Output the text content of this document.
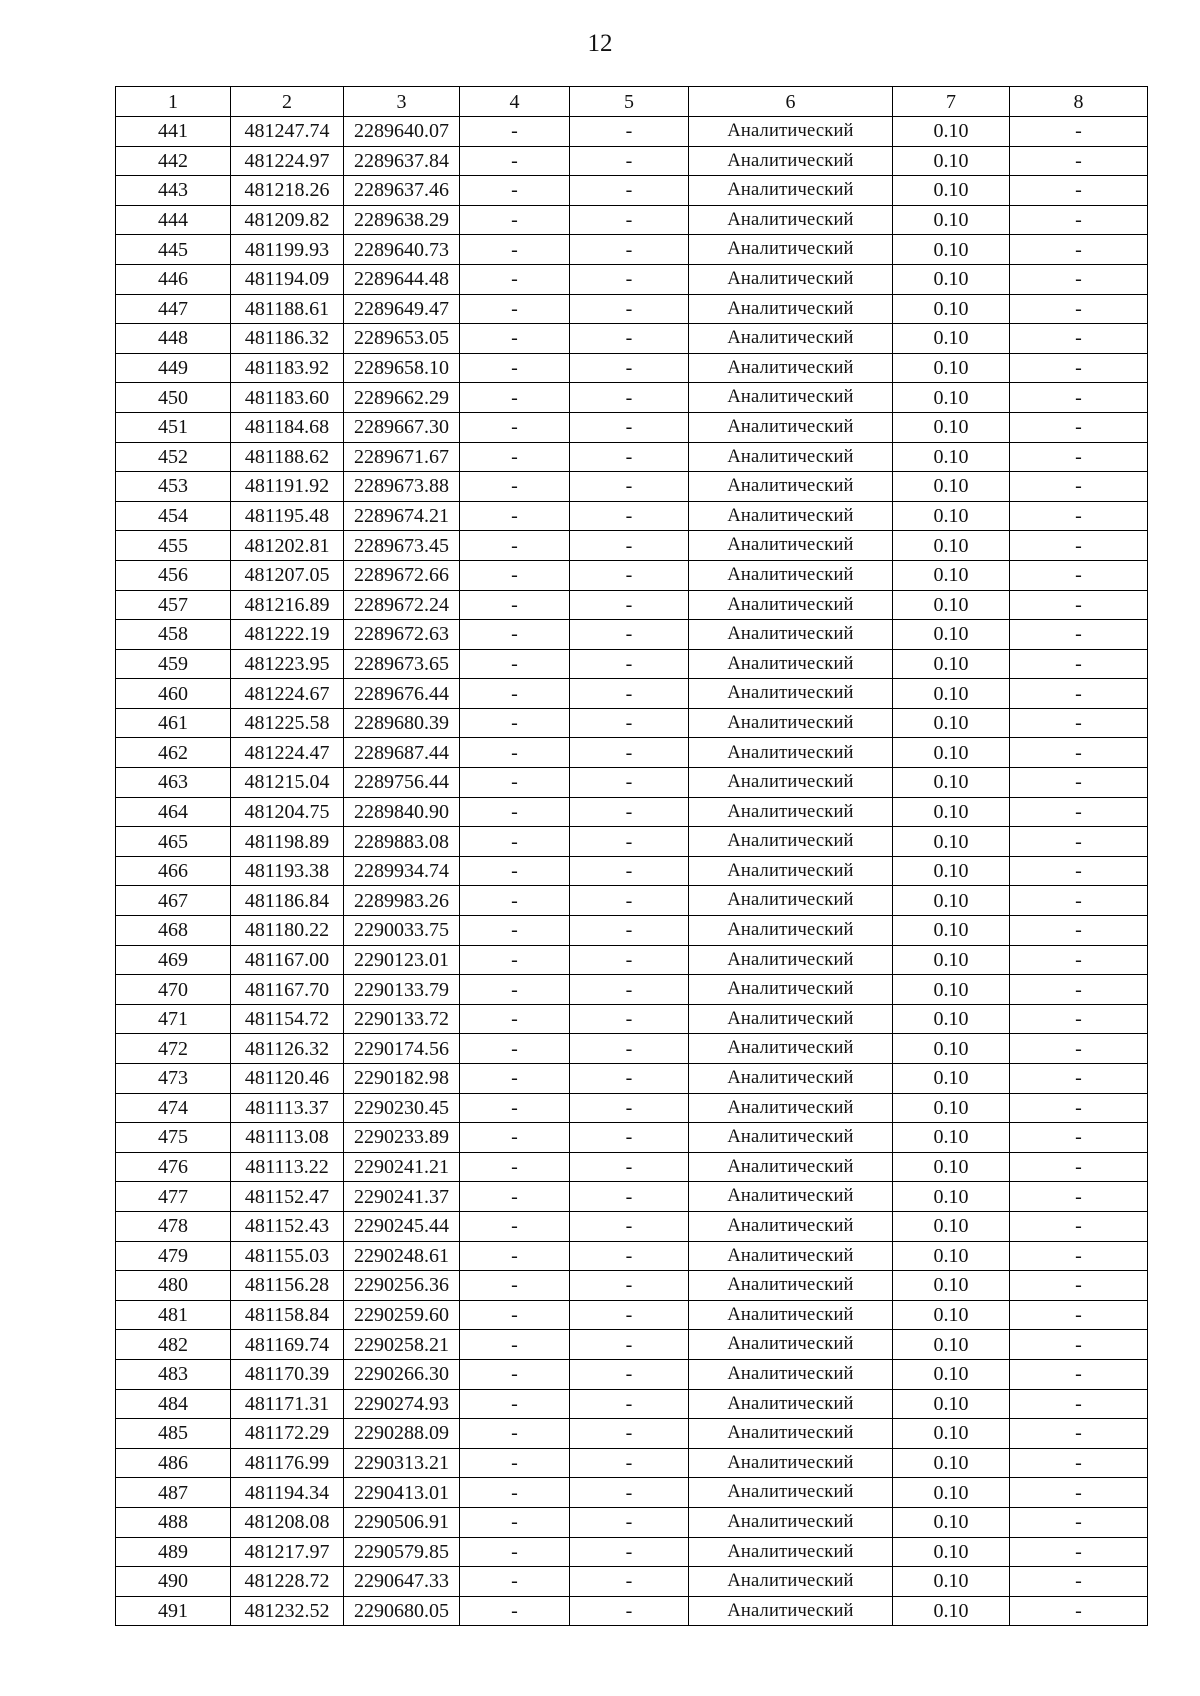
12
1	2	3	4	5	6	7	8
441	481247.74	2289640.07	-	-	Аналитический	0.10	-
442	481224.97	2289637.84	-	-	Аналитический	0.10	-
443	481218.26	2289637.46	-	-	Аналитический	0.10	-
444	481209.82	2289638.29	-	-	Аналитический	0.10	-
445	481199.93	2289640.73	-	-	Аналитический	0.10	-
446	481194.09	2289644.48	-	-	Аналитический	0.10	-
447	481188.61	2289649.47	-	-	Аналитический	0.10	-
448	481186.32	2289653.05	-	-	Аналитический	0.10	-
449	481183.92	2289658.10	-	-	Аналитический	0.10	-
450	481183.60	2289662.29	-	-	Аналитический	0.10	-
451	481184.68	2289667.30	-	-	Аналитический	0.10	-
452	481188.62	2289671.67	-	-	Аналитический	0.10	-
453	481191.92	2289673.88	-	-	Аналитический	0.10	-
454	481195.48	2289674.21	-	-	Аналитический	0.10	-
455	481202.81	2289673.45	-	-	Аналитический	0.10	-
456	481207.05	2289672.66	-	-	Аналитический	0.10	-
457	481216.89	2289672.24	-	-	Аналитический	0.10	-
458	481222.19	2289672.63	-	-	Аналитический	0.10	-
459	481223.95	2289673.65	-	-	Аналитический	0.10	-
460	481224.67	2289676.44	-	-	Аналитический	0.10	-
461	481225.58	2289680.39	-	-	Аналитический	0.10	-
462	481224.47	2289687.44	-	-	Аналитический	0.10	-
463	481215.04	2289756.44	-	-	Аналитический	0.10	-
464	481204.75	2289840.90	-	-	Аналитический	0.10	-
465	481198.89	2289883.08	-	-	Аналитический	0.10	-
466	481193.38	2289934.74	-	-	Аналитический	0.10	-
467	481186.84	2289983.26	-	-	Аналитический	0.10	-
468	481180.22	2290033.75	-	-	Аналитический	0.10	-
469	481167.00	2290123.01	-	-	Аналитический	0.10	-
470	481167.70	2290133.79	-	-	Аналитический	0.10	-
471	481154.72	2290133.72	-	-	Аналитический	0.10	-
472	481126.32	2290174.56	-	-	Аналитический	0.10	-
473	481120.46	2290182.98	-	-	Аналитический	0.10	-
474	481113.37	2290230.45	-	-	Аналитический	0.10	-
475	481113.08	2290233.89	-	-	Аналитический	0.10	-
476	481113.22	2290241.21	-	-	Аналитический	0.10	-
477	481152.47	2290241.37	-	-	Аналитический	0.10	-
478	481152.43	2290245.44	-	-	Аналитический	0.10	-
479	481155.03	2290248.61	-	-	Аналитический	0.10	-
480	481156.28	2290256.36	-	-	Аналитический	0.10	-
481	481158.84	2290259.60	-	-	Аналитический	0.10	-
482	481169.74	2290258.21	-	-	Аналитический	0.10	-
483	481170.39	2290266.30	-	-	Аналитический	0.10	-
484	481171.31	2290274.93	-	-	Аналитический	0.10	-
485	481172.29	2290288.09	-	-	Аналитический	0.10	-
486	481176.99	2290313.21	-	-	Аналитический	0.10	-
487	481194.34	2290413.01	-	-	Аналитический	0.10	-
488	481208.08	2290506.91	-	-	Аналитический	0.10	-
489	481217.97	2290579.85	-	-	Аналитический	0.10	-
490	481228.72	2290647.33	-	-	Аналитический	0.10	-
491	481232.52	2290680.05	-	-	Аналитический	0.10	-
